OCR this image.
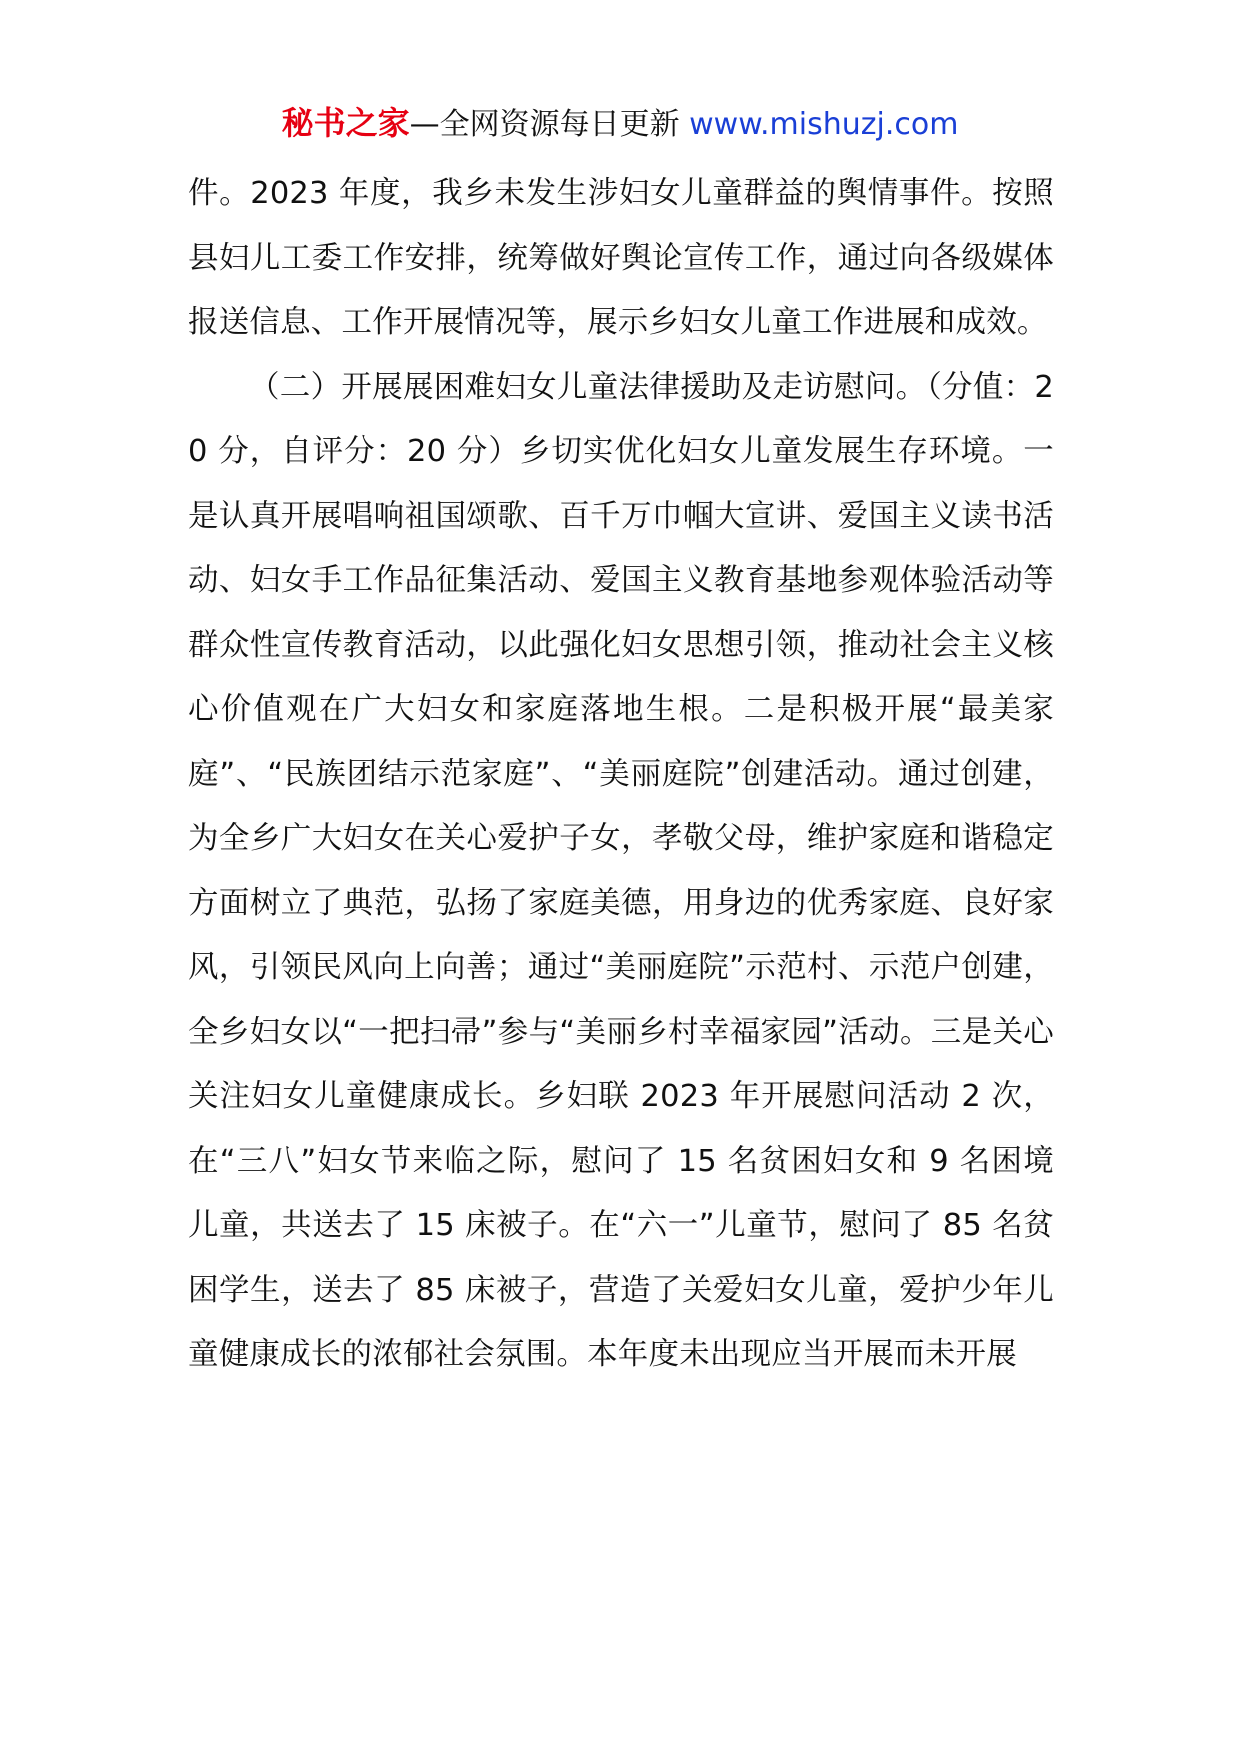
秘书之家—全网资源每日更新 www.mishuzj.com

件。2023 年度，我乡未发生涉妇女儿童群益的舆情事件。按照县妇儿工委工作安排，统筹做好舆论宣传工作，通过向各级媒体报送信息、工作开展情况等，展示乡妇女儿童工作进展和成效。

（二）开展展困难妇女儿童法律援助及走访慰问。（分值：20 分，自评分：20 分）乡切实优化妇女儿童发展生存环境。一是认真开展唱响祖国颂歌、百千万巾帼大宣讲、爱国主义读书活动、妇女手工作品征集活动、爱国主义教育基地参观体验活动等群众性宣传教育活动，以此强化妇女思想引领，推动社会主义核心价值观在广大妇女和家庭落地生根。二是积极开展“最美家庭”、“民族团结示范家庭”、“美丽庭院”创建活动。通过创建，为全乡广大妇女在关心爱护子女，孝敬父母，维护家庭和谐稳定方面树立了典范，弘扬了家庭美德，用身边的优秀家庭、良好家风，引领民风向上向善；通过“美丽庭院”示范村、示范户创建，全乡妇女以“一把扫帚”参与“美丽乡村幸福家园”活动。三是关心关注妇女儿童健康成长。乡妇联 2023 年开展慰问活动 2 次，在“三八”妇女节来临之际，慰问了 15 名贫困妇女和 9 名困境儿童，共送去了 15 床被子。在“六一”儿童节，慰问了 85 名贫困学生，送去了 85 床被子，营造了关爱妇女儿童，爱护少年儿童健康成长的浓郁社会氛围。本年度未出现应当开展而未开展
